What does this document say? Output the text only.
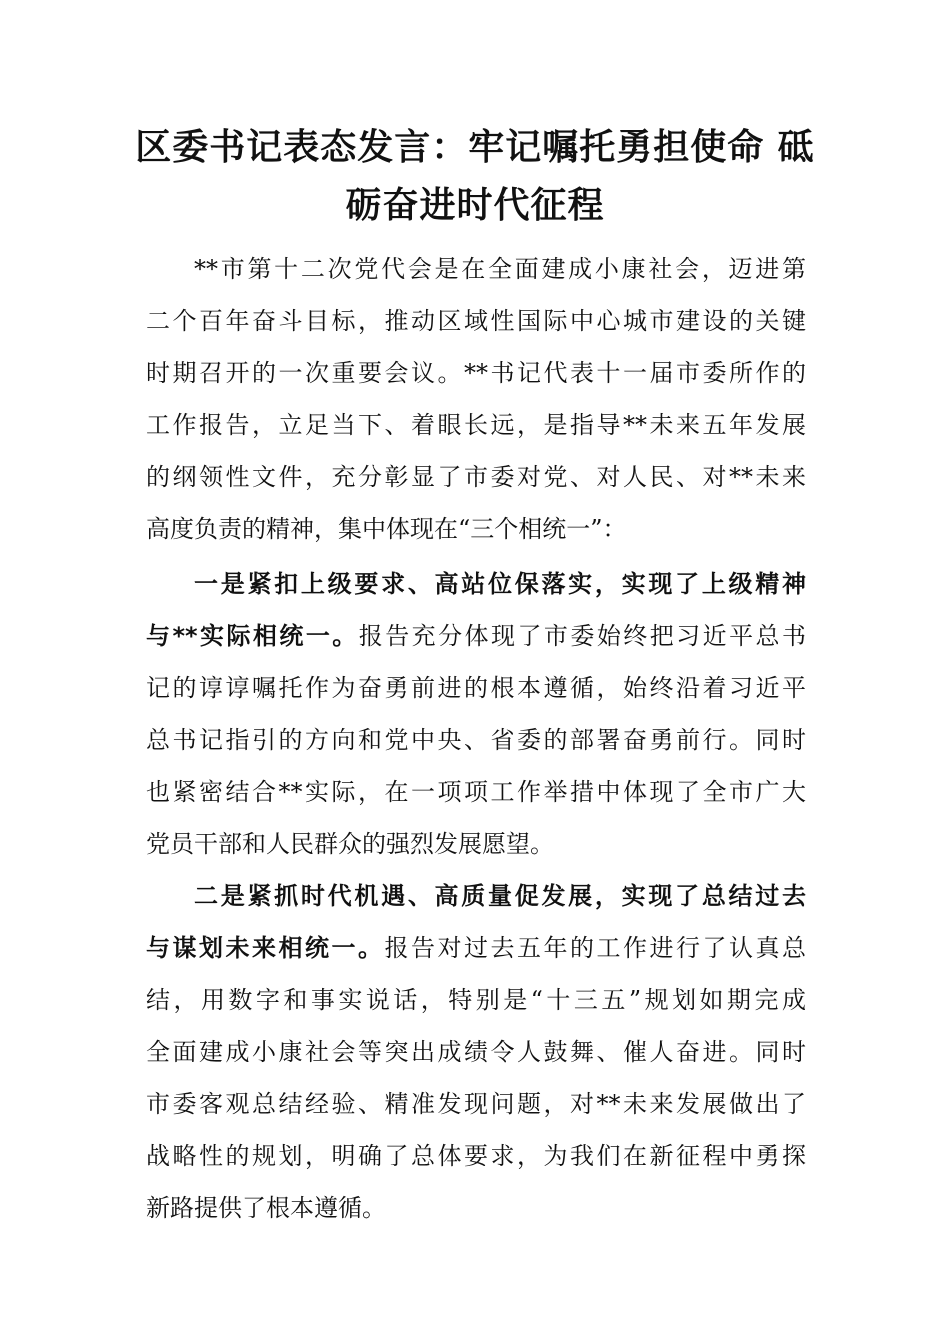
区委书记表态发言：牢记嘱托勇担使命 砥
砺奋进时代征程

**市第十二次党代会是在全面建成小康社会，迈进第
二个百年奋斗目标，推动区域性国际中心城市建设的关键
时期召开的一次重要会议。**书记代表十一届市委所作的
工作报告，立足当下、着眼长远，是指导**未来五年发展
的纲领性文件，充分彰显了市委对党、对人民、对**未来
高度负责的精神，集中体现在“三个相统一”：

一是紧扣上级要求、高站位保落实，实现了上级精神
与**实际相统一。报告充分体现了市委始终把习近平总书
记的谆谆嘱托作为奋勇前进的根本遵循，始终沿着习近平
总书记指引的方向和党中央、省委的部署奋勇前行。同时
也紧密结合**实际，在一项项工作举措中体现了全市广大
党员干部和人民群众的强烈发展愿望。

二是紧抓时代机遇、高质量促发展，实现了总结过去
与谋划未来相统一。报告对过去五年的工作进行了认真总
结，用数字和事实说话，特别是“十三五”规划如期完成
全面建成小康社会等突出成绩令人鼓舞、催人奋进。同时
市委客观总结经验、精准发现问题，对**未来发展做出了
战略性的规划，明确了总体要求，为我们在新征程中勇探
新路提供了根本遵循。
